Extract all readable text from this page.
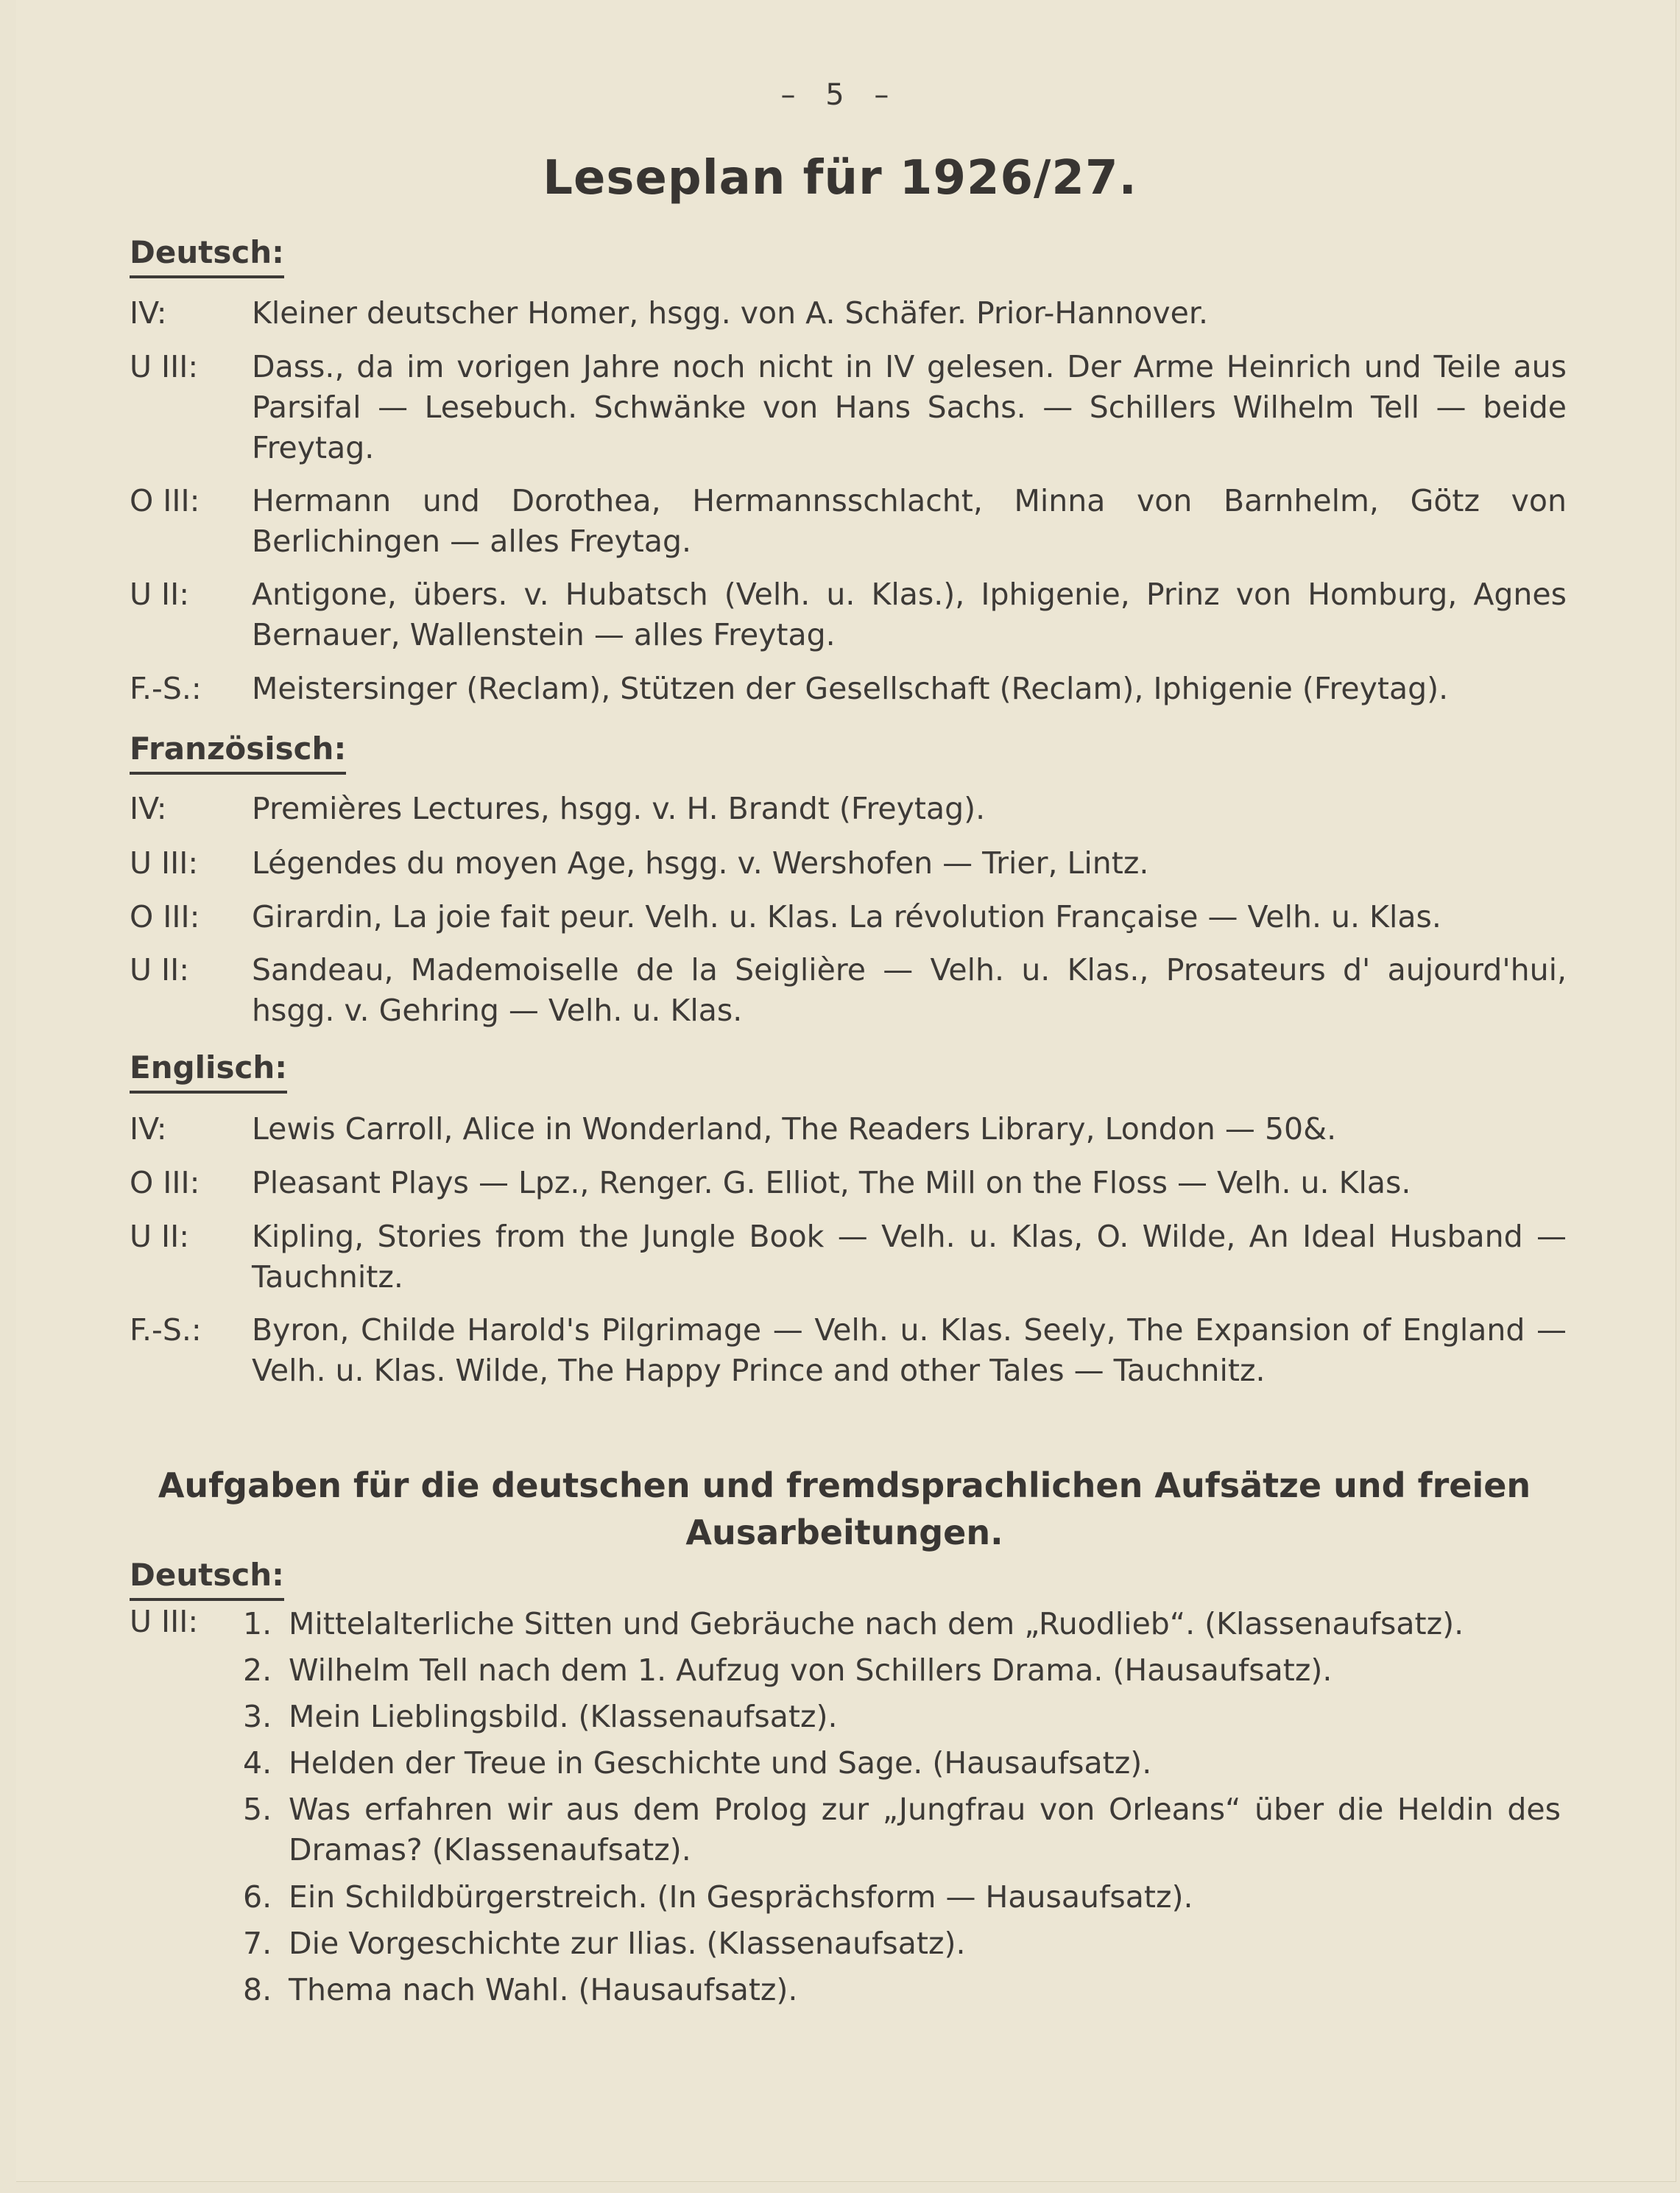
– 5 –
Leseplan für 1926/27.
Deutsch:
IV:	Kleiner deutscher Homer, hsgg. von A. Schäfer. Prior-Hannover.
U III:	Dass., da im vorigen Jahre noch nicht in IV gelesen. Der Arme Heinrich und Teile aus Parsifal — Lesebuch. Schwänke von Hans Sachs. — Schillers Wilhelm Tell — beide Freytag.
O III:	Hermann und Dorothea, Hermannsschlacht, Minna von Barnhelm, Götz von Berlichingen — alles Freytag.
U II:	Antigone, übers. v. Hubatsch (Velh. u. Klas.), Iphigenie, Prinz von Homburg, Agnes Bernauer, Wallenstein — alles Freytag.
F.-S.:	Meistersinger (Reclam), Stützen der Gesellschaft (Reclam), Iphigenie (Freytag).
Französisch:
IV:	Premières Lectures, hsgg. v. H. Brandt (Freytag).
U III:	Légendes du moyen Age, hsgg. v. Wershofen — Trier, Lintz.
O III:	Girardin, La joie fait peur. Velh. u. Klas. La révolution Française — Velh. u. Klas.
U II:	Sandeau, Mademoiselle de la Seiglière — Velh. u. Klas., Prosateurs d' aujourd'hui, hsgg. v. Gehring — Velh. u. Klas.
Englisch:
IV:	Lewis Carroll, Alice in Wonderland, The Readers Library, London — 50&.
O III:	Pleasant Plays — Lpz., Renger. G. Elliot, The Mill on the Floss — Velh. u. Klas.
U II:	Kipling, Stories from the Jungle Book — Velh. u. Klas, O. Wilde, An Ideal Husband — Tauchnitz.
F.-S.:	Byron, Childe Harold's Pilgrimage — Velh. u. Klas. Seely, The Expansion of England — Velh. u. Klas. Wilde, The Happy Prince and other Tales — Tauchnitz.
Aufgaben für die deutschen und fremdsprachlichen Aufsätze und freien Ausarbeitungen.
Deutsch:
U III: 1. Mittelalterliche Sitten und Gebräuche nach dem „Ruodlieb“. (Klassenaufsatz).
2. Wilhelm Tell nach dem 1. Aufzug von Schillers Drama. (Hausaufsatz).
3. Mein Lieblingsbild. (Klassenaufsatz).
4. Helden der Treue in Geschichte und Sage. (Hausaufsatz).
5. Was erfahren wir aus dem Prolog zur „Jungfrau von Orleans“ über die Heldin des Dramas? (Klassenaufsatz).
6. Ein Schildbürgerstreich. (In Gesprächsform — Hausaufsatz).
7. Die Vorgeschichte zur Ilias. (Klassenaufsatz).
8. Thema nach Wahl. (Hausaufsatz).
